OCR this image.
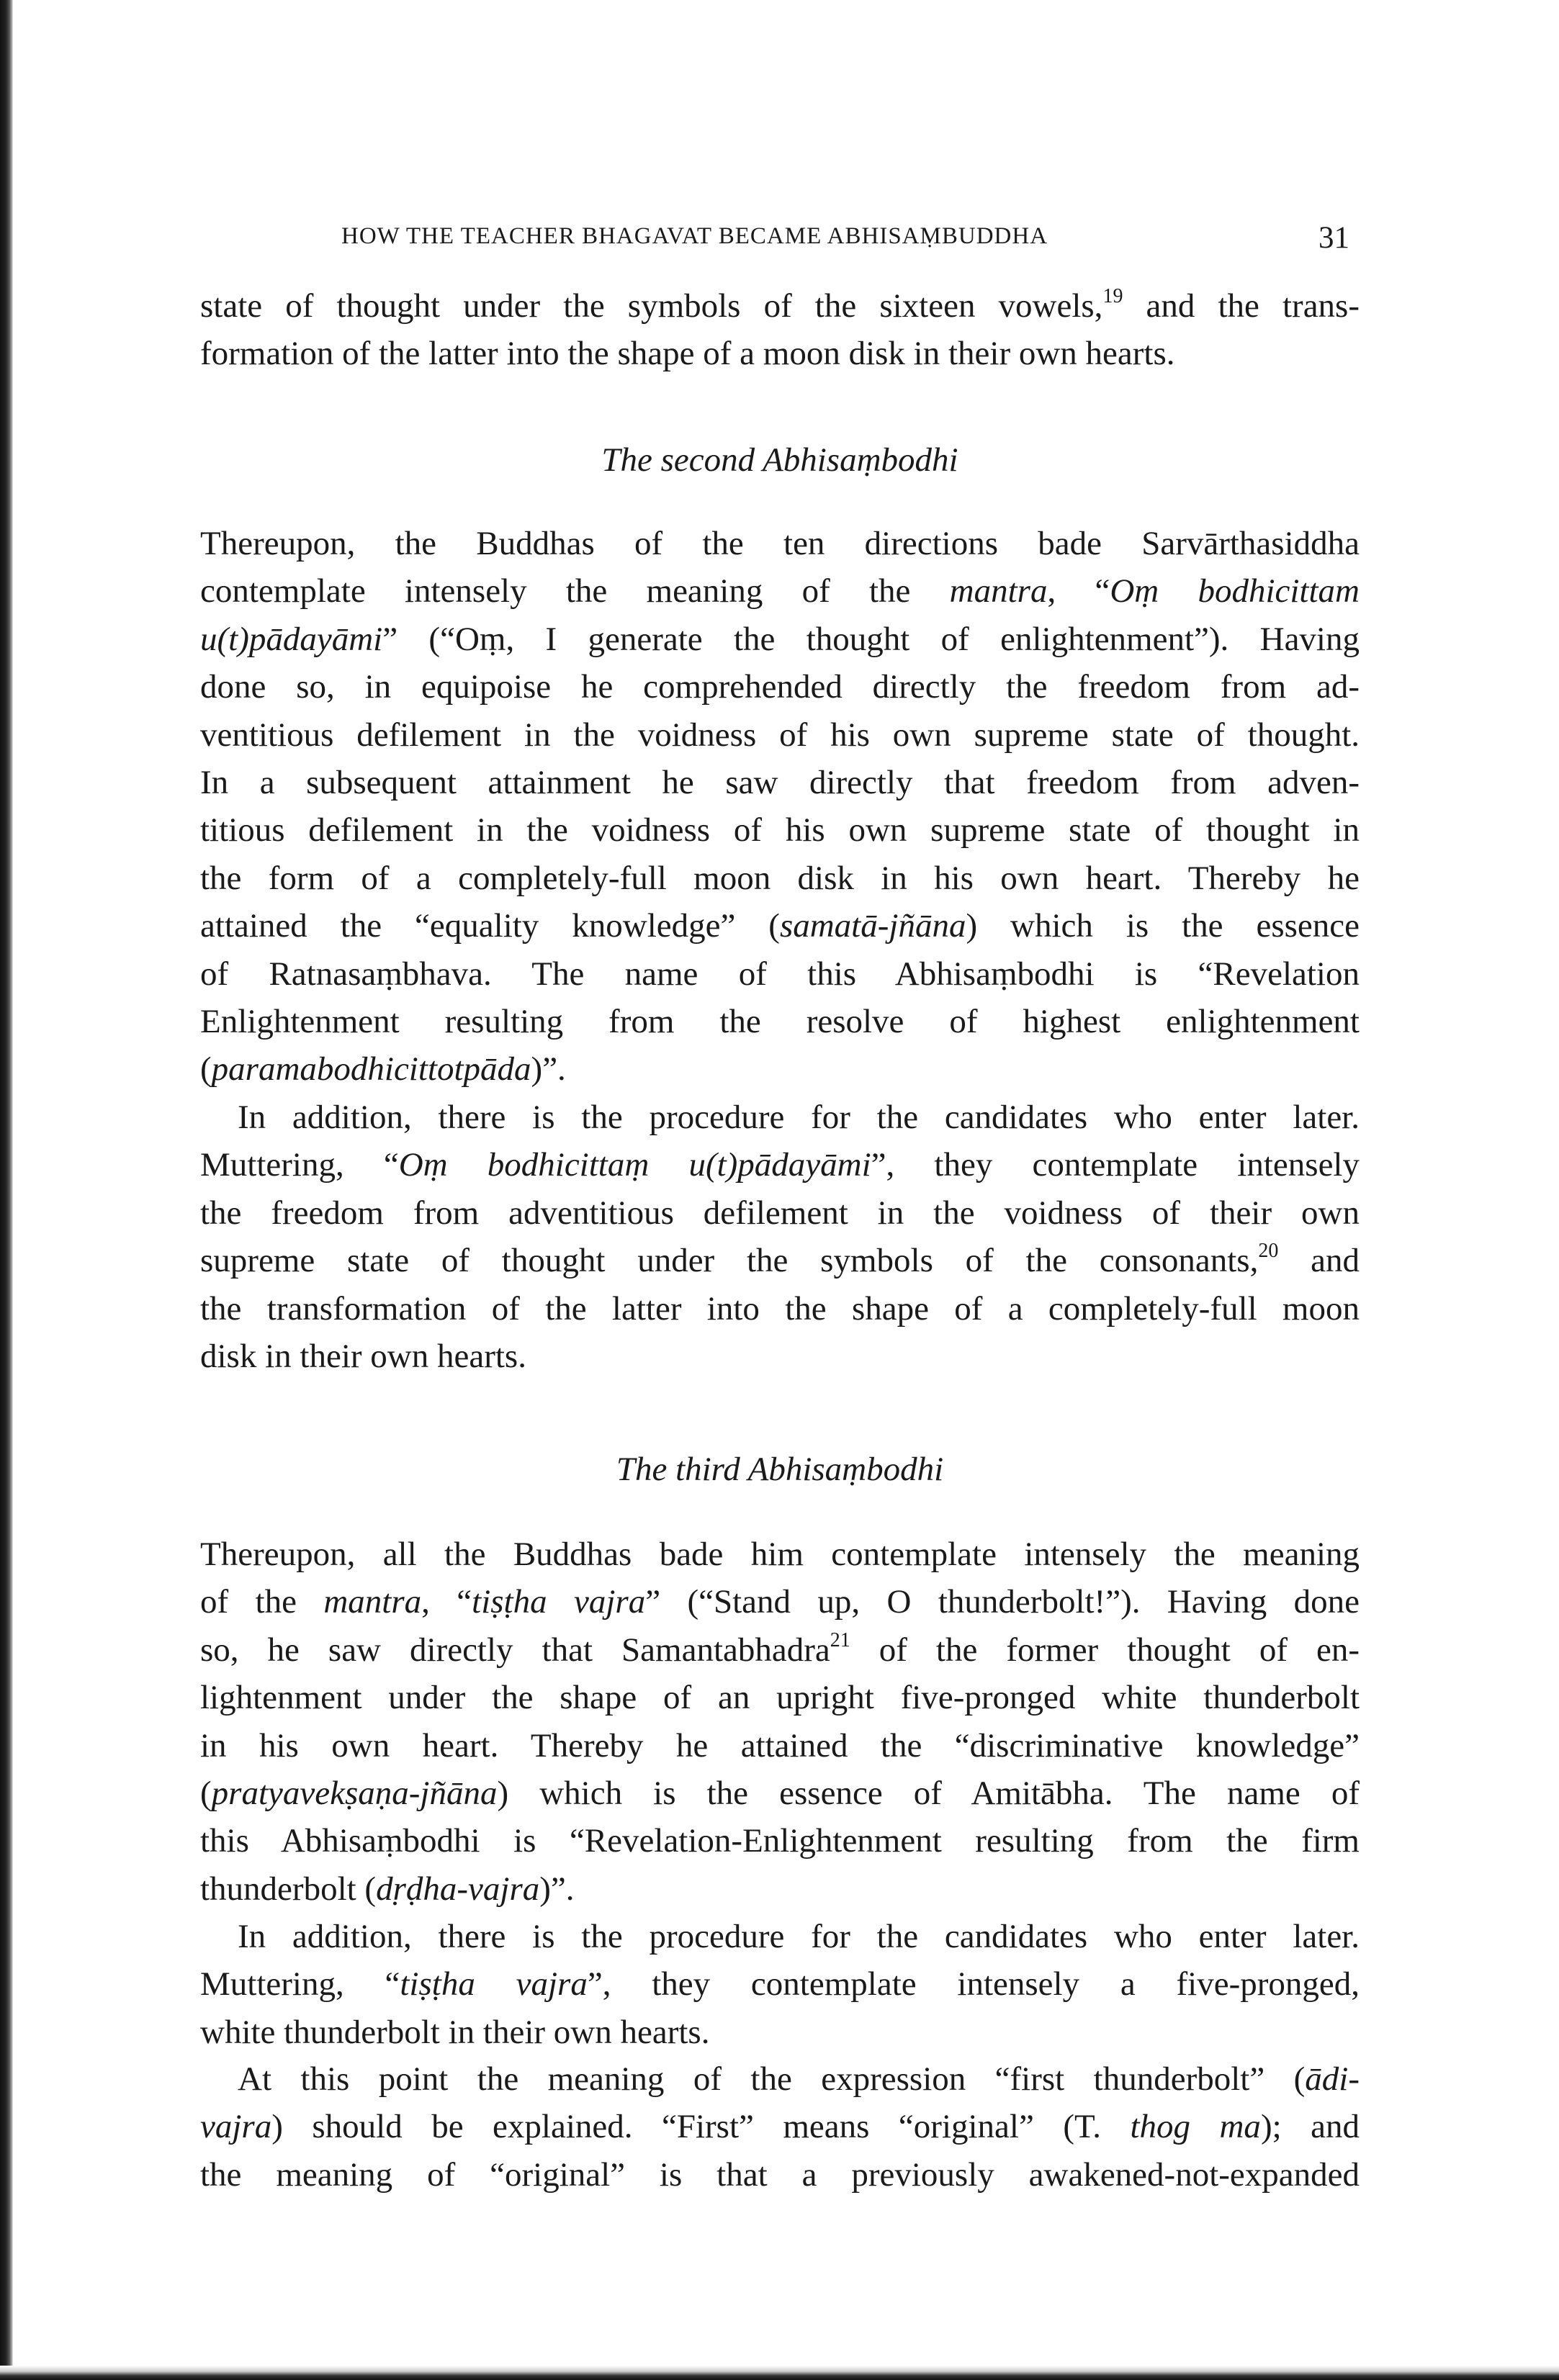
HOW THE TEACHER BHAGAVAT BECAME ABHISAṂBUDDHA	31

state of thought under the symbols of the sixteen vowels,$^{19}$ and the trans-
formation of the latter into the shape of a moon disk in their own hearts.

The second Abhisaṃbodhi

Thereupon, the Buddhas of the ten directions bade Sarvārthasiddha
contemplate intensely the meaning of the mantra, “Oṃ bodhicittam
u(t)pādayāmi” (“Oṃ, I generate the thought of enlightenment”). Having
done so, in equipoise he comprehended directly the freedom from ad-
ventitious defilement in the voidness of his own supreme state of thought.
In a subsequent attainment he saw directly that freedom from adven-
titious defilement in the voidness of his own supreme state of thought in
the form of a completely-full moon disk in his own heart. Thereby he
attained the “equality knowledge” (samatā-jñāna) which is the essence
of Ratnasaṃbhava. The name of this Abhisaṃbodhi is “Revelation
Enlightenment resulting from the resolve of highest enlightenment
(paramabodhicittotpāda)”.

In addition, there is the procedure for the candidates who enter later.
Muttering, “Oṃ bodhicittaṃ u(t)pādayāmi”, they contemplate intensely
the freedom from adventitious defilement in the voidness of their own
supreme state of thought under the symbols of the consonants,$^{20}$ and
the transformation of the latter into the shape of a completely-full moon
disk in their own hearts.

The third Abhisaṃbodhi

Thereupon, all the Buddhas bade him contemplate intensely the meaning
of the mantra, “tiṣṭha vajra” (“Stand up, O thunderbolt!”). Having done
so, he saw directly that Samantabhadra$^{21}$ of the former thought of en-
lightenment under the shape of an upright five-pronged white thunderbolt
in his own heart. Thereby he attained the “discriminative knowledge”
(pratyavekṣaṇa-jñāna) which is the essence of Amitābha. The name of
this Abhisaṃbodhi is “Revelation-Enlightenment resulting from the firm
thunderbolt (dṛḍha-vajra)”.

In addition, there is the procedure for the candidates who enter later.
Muttering, “tiṣṭha vajra”, they contemplate intensely a five-pronged,
white thunderbolt in their own hearts.

At this point the meaning of the expression “first thunderbolt” (ādi-
vajra) should be explained. “First” means “original” (T. thog ma); and
the meaning of “original” is that a previously awakened-not-expanded
